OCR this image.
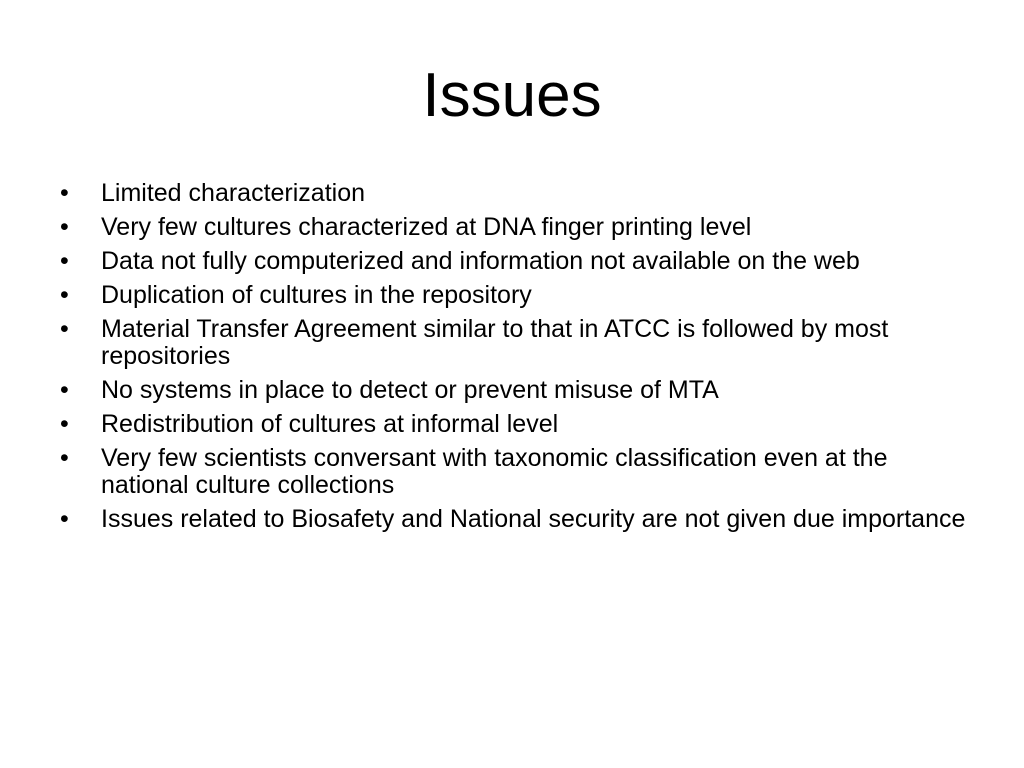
Issues
•	Limited characterization
•	Very few cultures characterized at DNA finger printing level
•	Data not fully computerized and information not available on the web
•	Duplication of cultures in the repository
•	Material Transfer Agreement similar to that in ATCC is followed by most repositories
•	No systems in place to detect or prevent misuse of MTA
•	Redistribution of cultures at informal level
•	Very few scientists conversant with taxonomic classification even at the national culture collections
•	Issues related to Biosafety and National security are not given due importance
